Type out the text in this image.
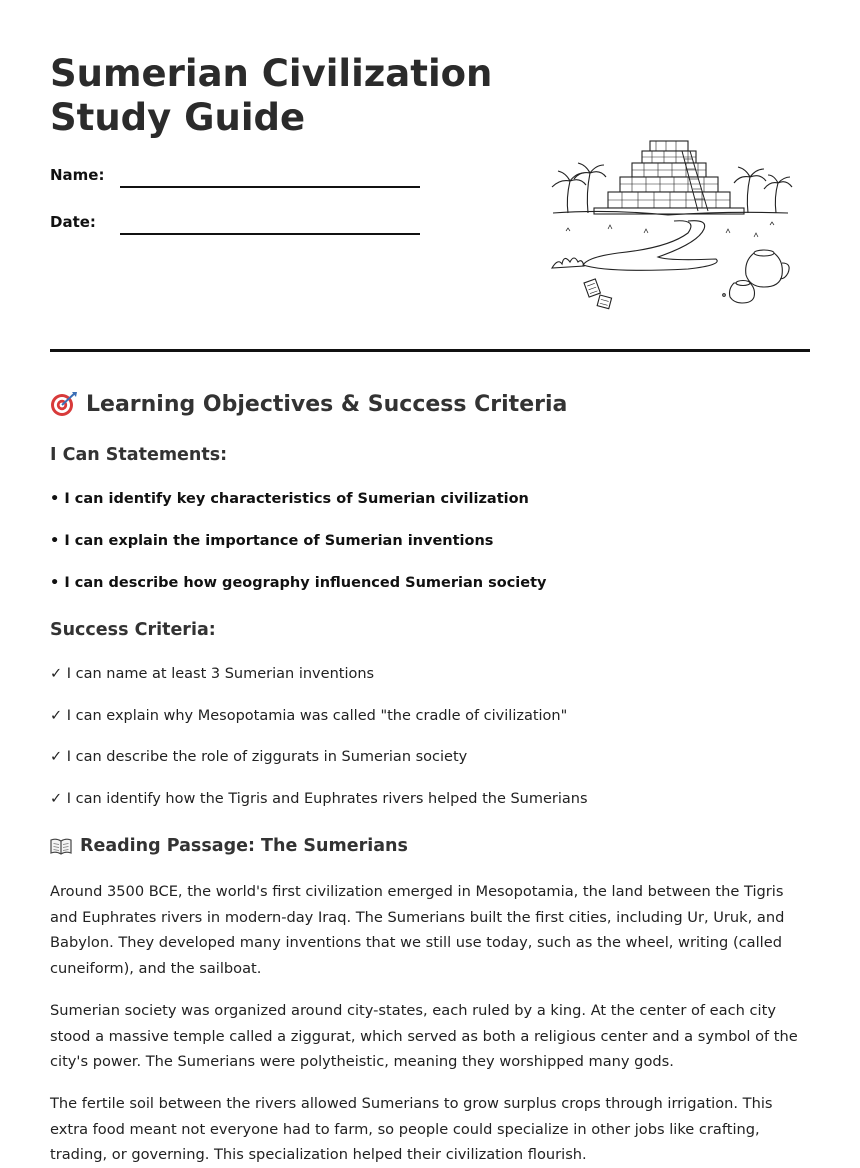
Sumerian Civilization
Study Guide
Name:
Date:
Learning Objectives & Success Criteria
I Can Statements:
• I can identify key characteristics of Sumerian civilization
• I can explain the importance of Sumerian inventions
• I can describe how geography influenced Sumerian society
Success Criteria:
✓ I can name at least 3 Sumerian inventions
✓ I can explain why Mesopotamia was called "the cradle of civilization"
✓ I can describe the role of ziggurats in Sumerian society
✓ I can identify how the Tigris and Euphrates rivers helped the Sumerians
Reading Passage: The Sumerians

Around 3500 BCE, the world's first civilization emerged in Mesopotamia, the land between the Tigris and Euphrates rivers in modern-day Iraq. The Sumerians built the first cities, including Ur, Uruk, and Babylon. They developed many inventions that we still use today, such as the wheel, writing (called cuneiform), and the sailboat.

Sumerian society was organized around city-states, each ruled by a king. At the center of each city stood a massive temple called a ziggurat, which served as both a religious center and a symbol of the city's power. The Sumerians were polytheistic, meaning they worshipped many gods.

The fertile soil between the rivers allowed Sumerians to grow surplus crops through irrigation. This extra food meant not everyone had to farm, so people could specialize in other jobs like crafting, trading, or governing. This specialization helped their civilization flourish.
